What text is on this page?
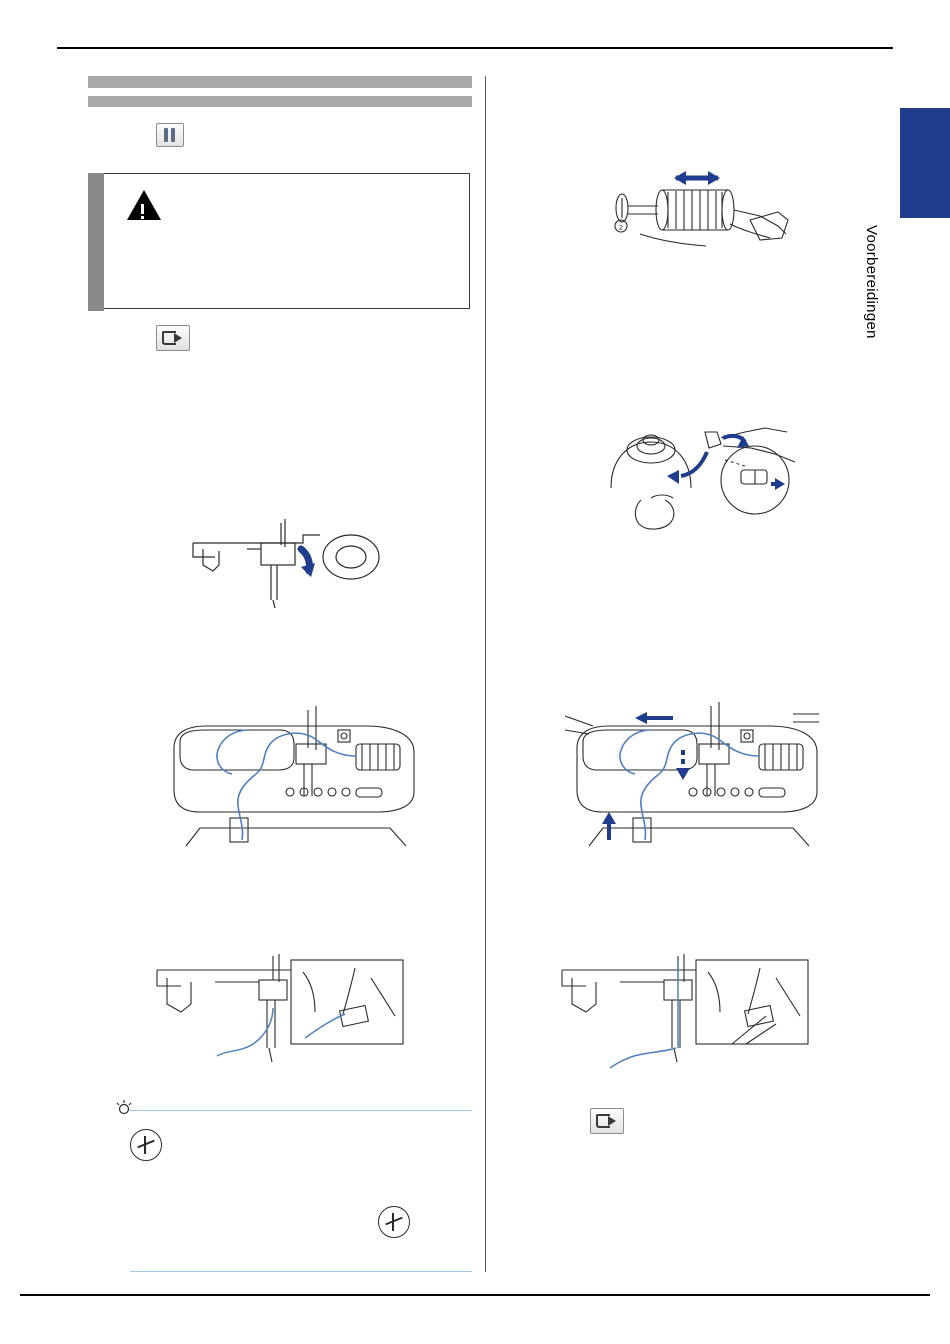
Voorbereidingen
2
